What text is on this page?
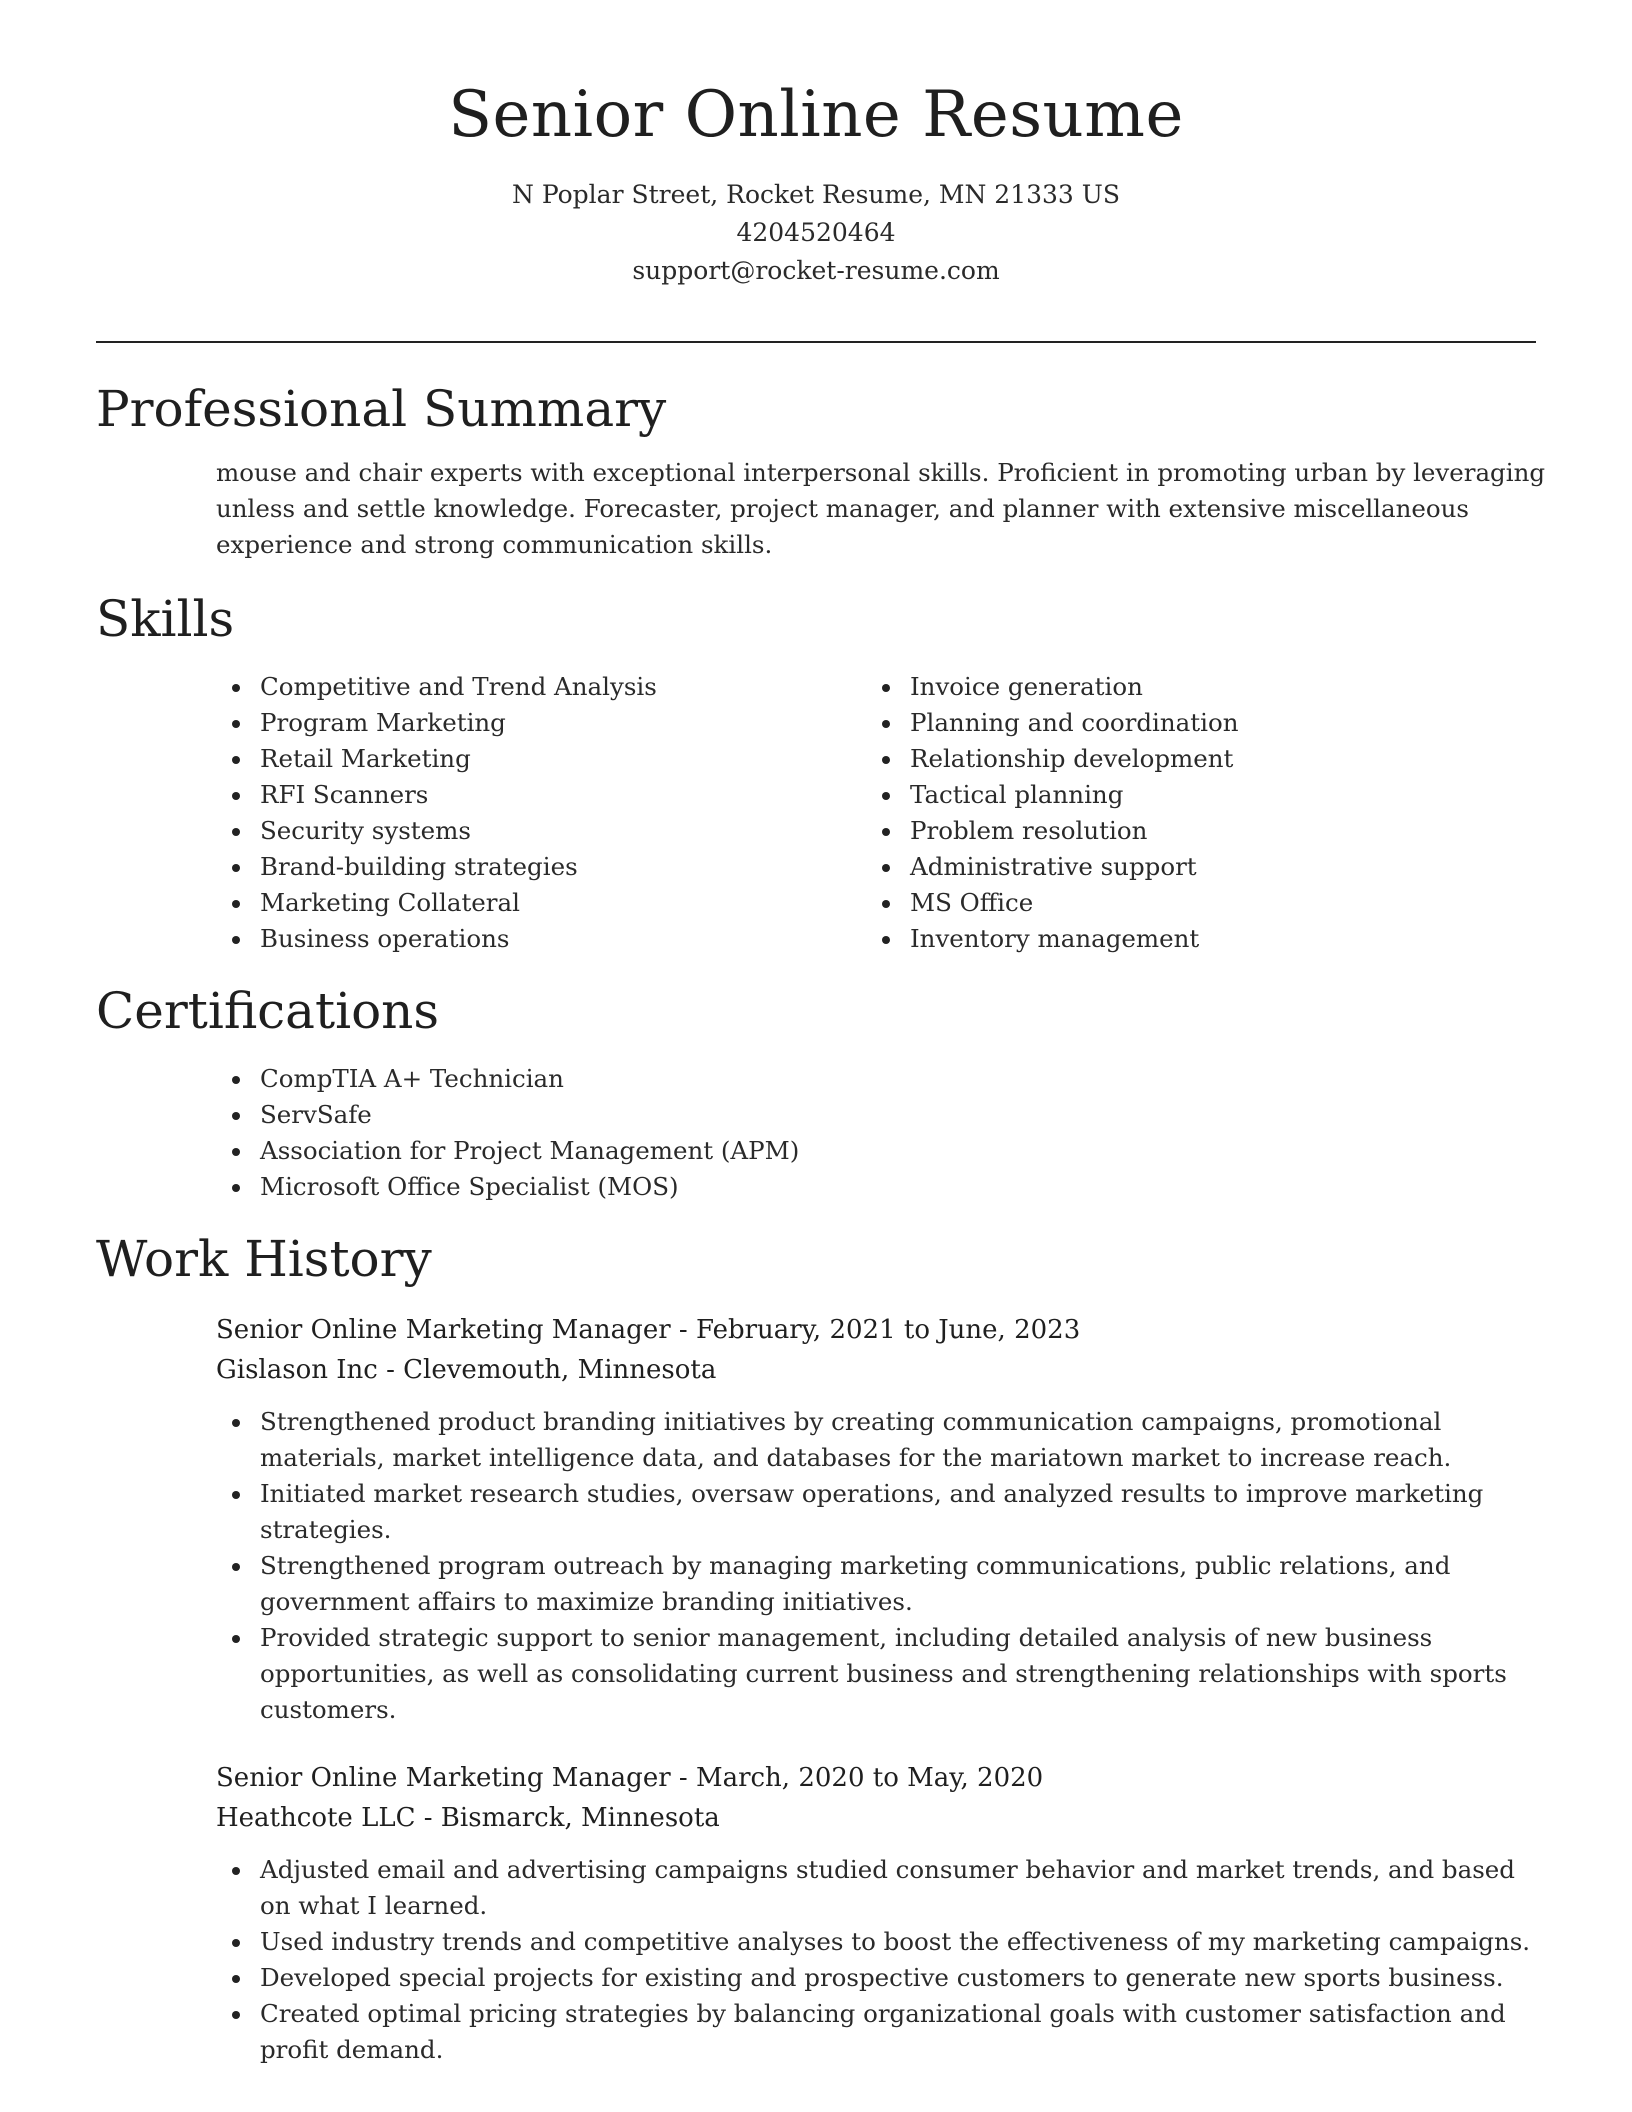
Senior Online Resume
N Poplar Street, Rocket Resume, MN 21333 US
4204520464
support@rocket-resume.com
Professional Summary

mouse and chair experts with exceptional interpersonal skills. Proficient in promoting urban by leveraging unless and settle knowledge. Forecaster, project manager, and planner with extensive miscellaneous experience and strong communication skills.

Skills
Competitive and Trend Analysis
Program Marketing
Retail Marketing
RFI Scanners
Security systems
Brand-building strategies
Marketing Collateral
Business operations
Invoice generation
Planning and coordination
Relationship development
Tactical planning
Problem resolution
Administrative support
MS Office
Inventory management
Certifications
CompTIA A+ Technician
ServSafe
Association for Project Management (APM)
Microsoft Office Specialist (MOS)
Work History
Senior Online Marketing Manager - February, 2021 to June, 2023
Gislason Inc - Clevemouth, Minnesota
Strengthened product branding initiatives by creating communication campaigns, promotional materials, market intelligence data, and databases for the mariatown market to increase reach.
Initiated market research studies, oversaw operations, and analyzed results to improve marketing strategies.
Strengthened program outreach by managing marketing communications, public relations, and government affairs to maximize branding initiatives.
Provided strategic support to senior management, including detailed analysis of new business opportunities, as well as consolidating current business and strengthening relationships with sports customers.
Senior Online Marketing Manager - March, 2020 to May, 2020
Heathcote LLC - Bismarck, Minnesota
Adjusted email and advertising campaigns studied consumer behavior and market trends, and based on what I learned.
Used industry trends and competitive analyses to boost the effectiveness of my marketing campaigns.
Developed special projects for existing and prospective customers to generate new sports business.
Created optimal pricing strategies by balancing organizational goals with customer satisfaction and profit demand.
